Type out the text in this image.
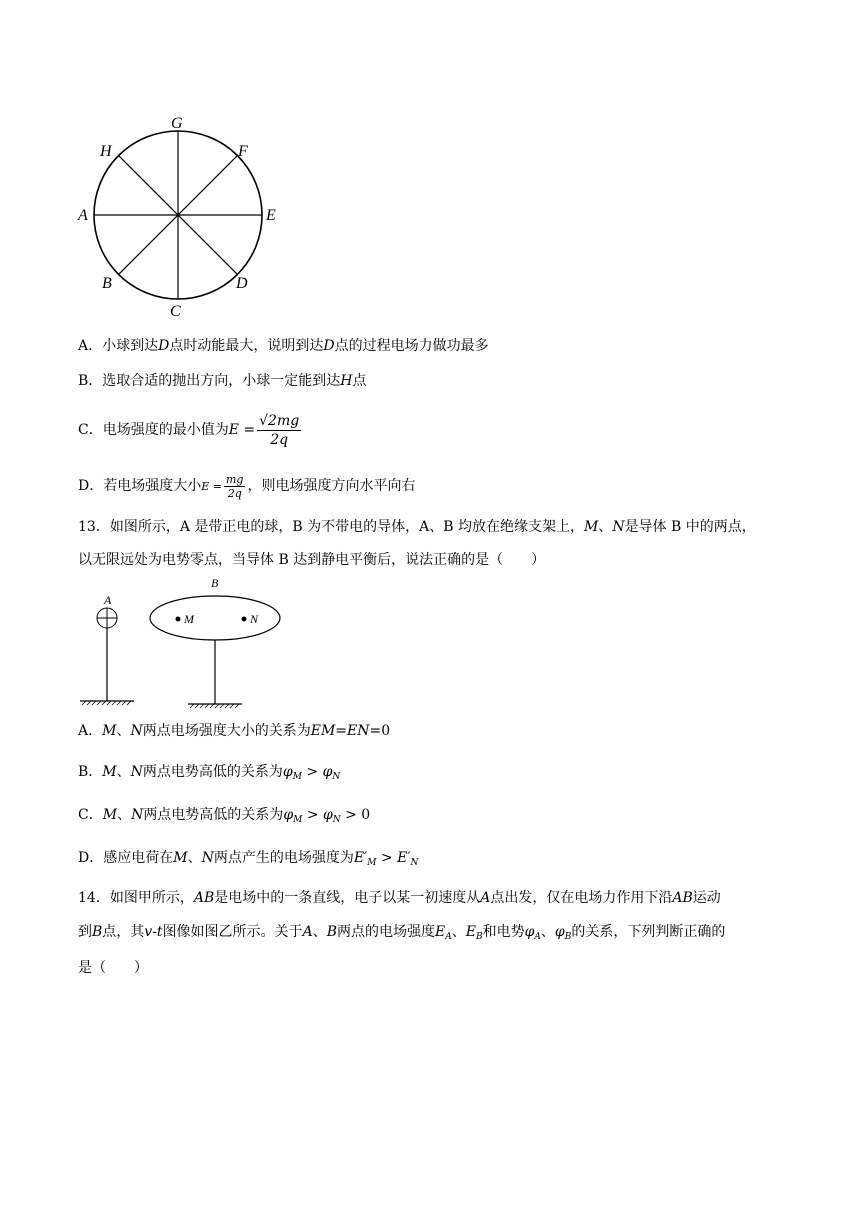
G
H	F
A	E
B	D
C
A．小球到达D点时动能最大，说明到达D点的过程电场力做功最多
B．选取合适的抛出方向，小球一定能到达H点
C．电场强度的最小值为$E = \frac{√2mg}{2q}$
D．若电场强度大小$E = \frac{mg}{2q}$ ，则电场强度方向水平向右
13．如图所示，A 是带正电的球，B 为不带电的导体，A、B 均放在绝缘支架上，M、N是导体 B 中的两点，
以无限远处为电势零点，当导体 B 达到静电平衡后，说法正确的是（　　）
A
B
M	N
A．M、N两点电场强度大小的关系为EM=EN=0
B．M、N两点电势高低的关系为$\varphi_M > \varphi_N$
C．M、N两点电势高低的关系为$\varphi_M > \varphi_N > 0$
D．感应电荷在M、N两点产生的电场强度为$E'_M > E'_N$
14．如图甲所示，AB是电场中的一条直线，电子以某一初速度从A点出发，仅在电场力作用下沿AB运动
到B点，其v-t图像如图乙所示。关于A、B两点的电场强度$E_A$、$E_B$和电势$\varphi_A$、$\varphi_B$的关系，下列判断正确的
是（　　）
